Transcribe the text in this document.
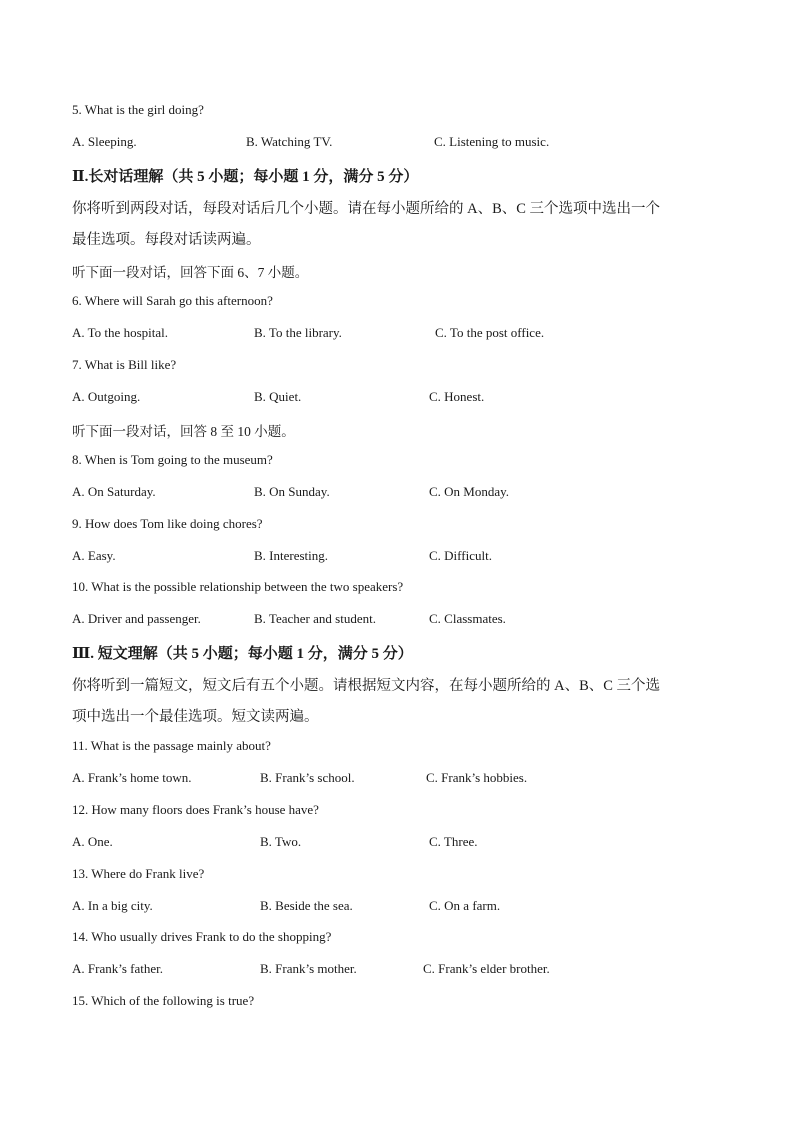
5. What is the girl doing?
A. Sleeping.	B. Watching TV.	C. Listening to music.
Ⅱ.长对话理解（共 5 小题；每小题 1 分，满分 5 分）
你将听到两段对话，每段对话后几个小题。请在每小题所给的 A、B、C 三个选项中选出一个
最佳选项。每段对话读两遍。
听下面一段对话，回答下面 6、7 小题。
6. Where will Sarah go this afternoon?
A. To the hospital.	B. To the library.	C. To the post office.
7. What is Bill like?
A. Outgoing.	B. Quiet.	C. Honest.
听下面一段对话，回答 8 至 10 小题。
8. When is Tom going to the museum?
A. On Saturday.	B. On Sunday.	C. On Monday.
9. How does Tom like doing chores?
A. Easy.	B. Interesting.	C. Difficult.
10. What is the possible relationship between the two speakers?
A. Driver and passenger.	B. Teacher and student.	C. Classmates.
Ⅲ. 短文理解（共 5 小题；每小题 1 分，满分 5 分）
你将听到一篇短文，短文后有五个小题。请根据短文内容，在每小题所给的 A、B、C 三个选
项中选出一个最佳选项。短文读两遍。
11. What is the passage mainly about?
A. Frank’s home town.	B. Frank’s school.	C. Frank’s hobbies.
12. How many floors does Frank’s house have?
A. One.	B. Two.	C. Three.
13. Where do Frank live?
A. In a big city.	B. Beside the sea.	C. On a farm.
14. Who usually drives Frank to do the shopping?
A. Frank’s father.	B. Frank’s mother.	C. Frank’s elder brother.
15. Which of the following is true?
